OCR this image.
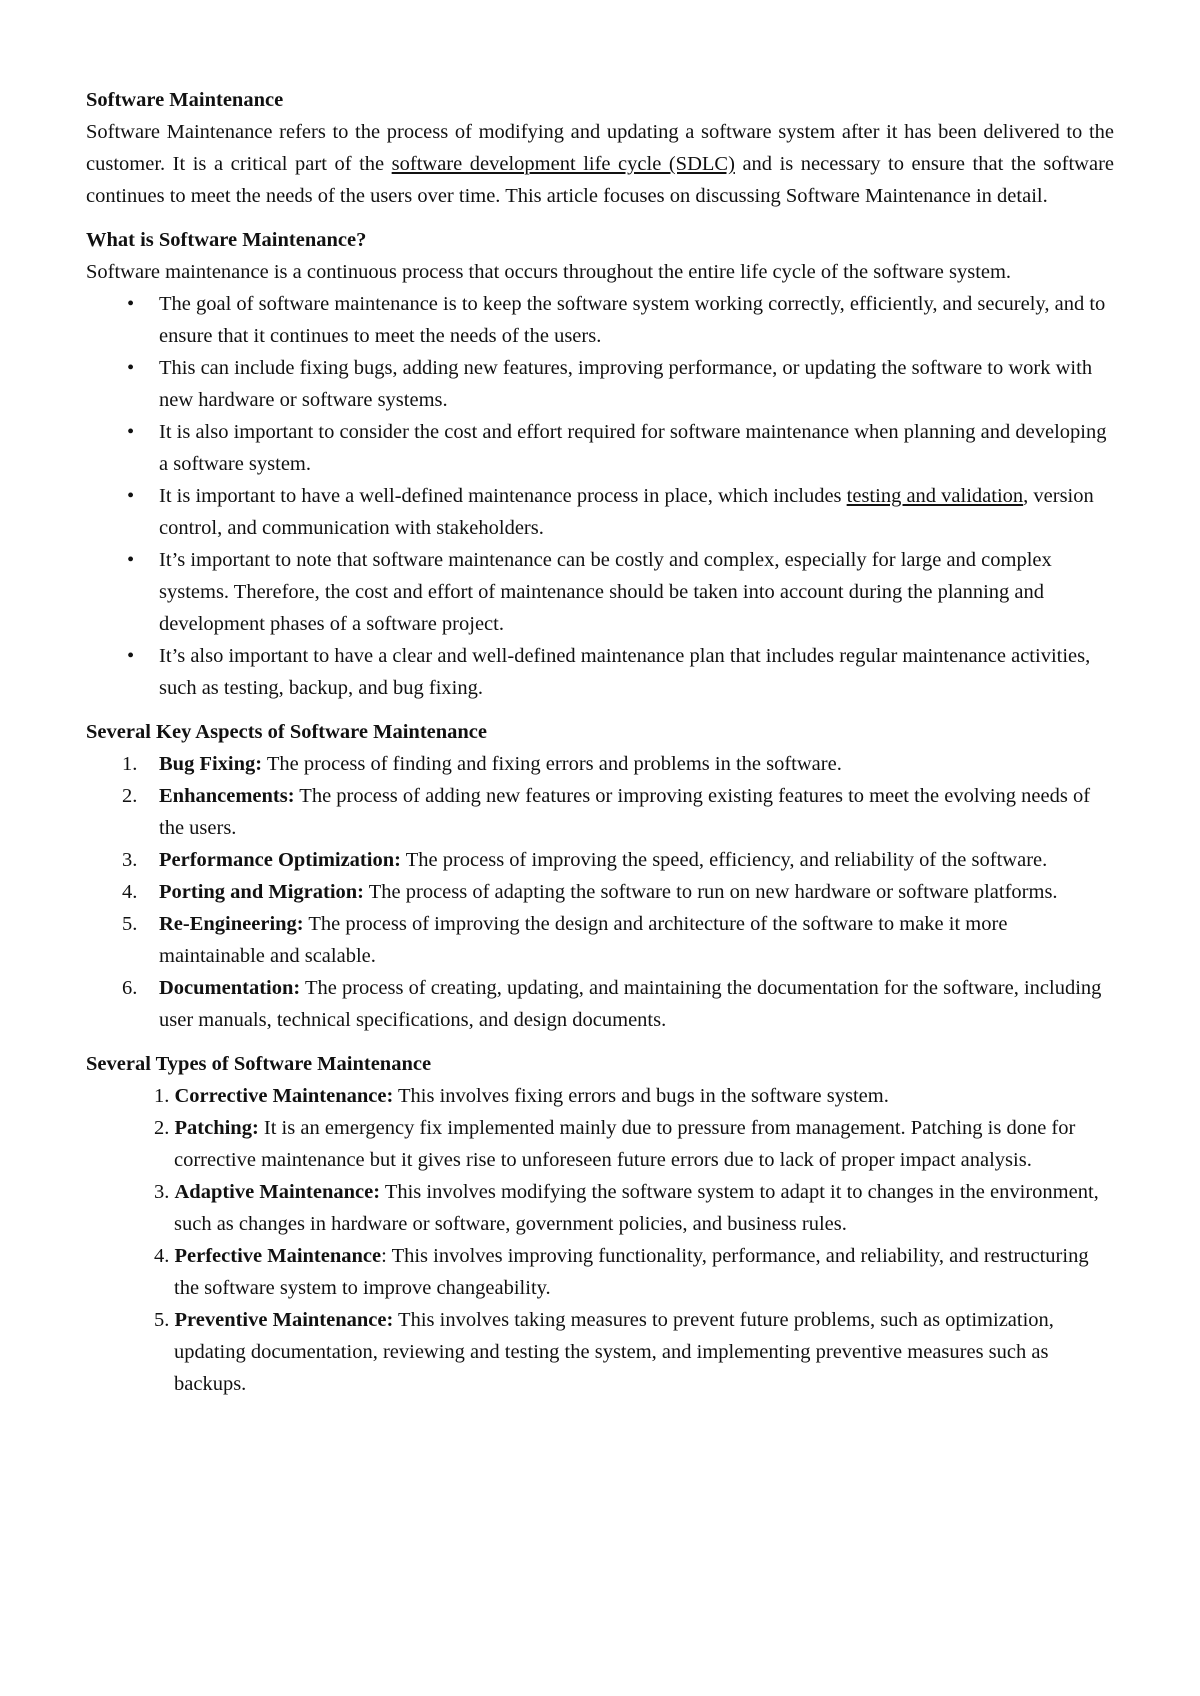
Software Maintenance

Software Maintenance refers to the process of modifying and updating a software system after it has been delivered to the customer. It is a critical part of the software development life cycle (SDLC) and is necessary to ensure that the software continues to meet the needs of the users over time. This article focuses on discussing Software Maintenance in detail.

What is Software Maintenance?

Software maintenance is a continuous process that occurs throughout the entire life cycle of the software system.

• The goal of software maintenance is to keep the software system working correctly, efficiently, and securely, and to ensure that it continues to meet the needs of the users.
• This can include fixing bugs, adding new features, improving performance, or updating the software to work with new hardware or software systems.
• It is also important to consider the cost and effort required for software maintenance when planning and developing a software system.
• It is important to have a well-defined maintenance process in place, which includes testing and validation, version control, and communication with stakeholders.
• It’s important to note that software maintenance can be costly and complex, especially for large and complex systems. Therefore, the cost and effort of maintenance should be taken into account during the planning and development phases of a software project.
• It’s also important to have a clear and well-defined maintenance plan that includes regular maintenance activities, such as testing, backup, and bug fixing.

Several Key Aspects of Software Maintenance

1. Bug Fixing: The process of finding and fixing errors and problems in the software.
2. Enhancements: The process of adding new features or improving existing features to meet the evolving needs of the users.
3. Performance Optimization: The process of improving the speed, efficiency, and reliability of the software.
4. Porting and Migration: The process of adapting the software to run on new hardware or software platforms.
5. Re-Engineering: The process of improving the design and architecture of the software to make it more maintainable and scalable.
6. Documentation: The process of creating, updating, and maintaining the documentation for the software, including user manuals, technical specifications, and design documents.

Several Types of Software Maintenance

1. Corrective Maintenance: This involves fixing errors and bugs in the software system.
2. Patching: It is an emergency fix implemented mainly due to pressure from management. Patching is done for corrective maintenance but it gives rise to unforeseen future errors due to lack of proper impact analysis.
3. Adaptive Maintenance: This involves modifying the software system to adapt it to changes in the environment, such as changes in hardware or software, government policies, and business rules.
4. Perfective Maintenance: This involves improving functionality, performance, and reliability, and restructuring the software system to improve changeability.
5. Preventive Maintenance: This involves taking measures to prevent future problems, such as optimization, updating documentation, reviewing and testing the system, and implementing preventive measures such as backups.
